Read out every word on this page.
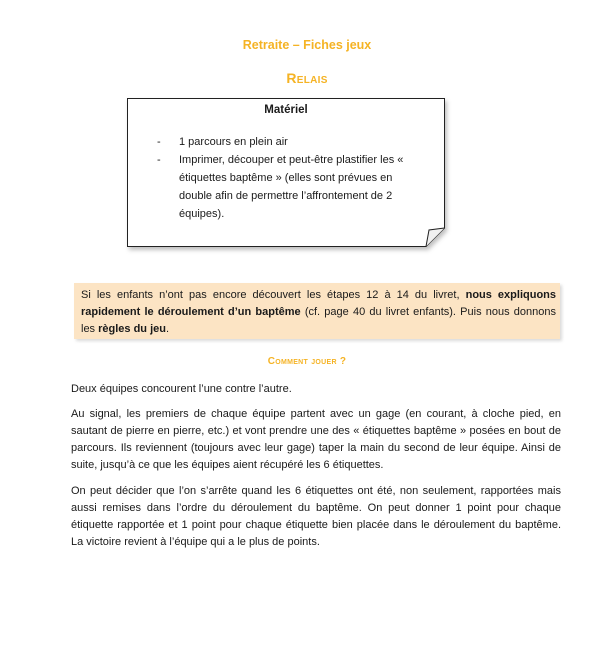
Retraite – Fiches jeux
Relais
Matériel
- 1 parcours en plein air
- Imprimer, découper et peut-être plastifier les « étiquettes baptême » (elles sont prévues en double afin de permettre l’affrontement de 2 équipes).

Si les enfants n’ont pas encore découvert les étapes 12 à 14 du livret, nous expliquons rapidement le déroulement d’un baptême (cf. page 40 du livret enfants). Puis nous donnons les règles du jeu.

Comment jouer ?

Deux équipes concourent l’une contre l’autre.

Au signal, les premiers de chaque équipe partent avec un gage (en courant, à cloche pied, en sautant de pierre en pierre, etc.) et vont prendre une des « étiquettes baptême » posées en bout de parcours. Ils reviennent (toujours avec leur gage) taper la main du second de leur équipe. Ainsi de suite, jusqu’à ce que les équipes aient récupéré les 6 étiquettes.

On peut décider que l’on s’arrête quand les 6 étiquettes ont été, non seulement, rapportées mais aussi remises dans l’ordre du déroulement du baptême. On peut donner 1 point pour chaque étiquette rapportée et 1 point pour chaque étiquette bien placée dans le déroulement du baptême. La victoire revient à l’équipe qui a le plus de points.
